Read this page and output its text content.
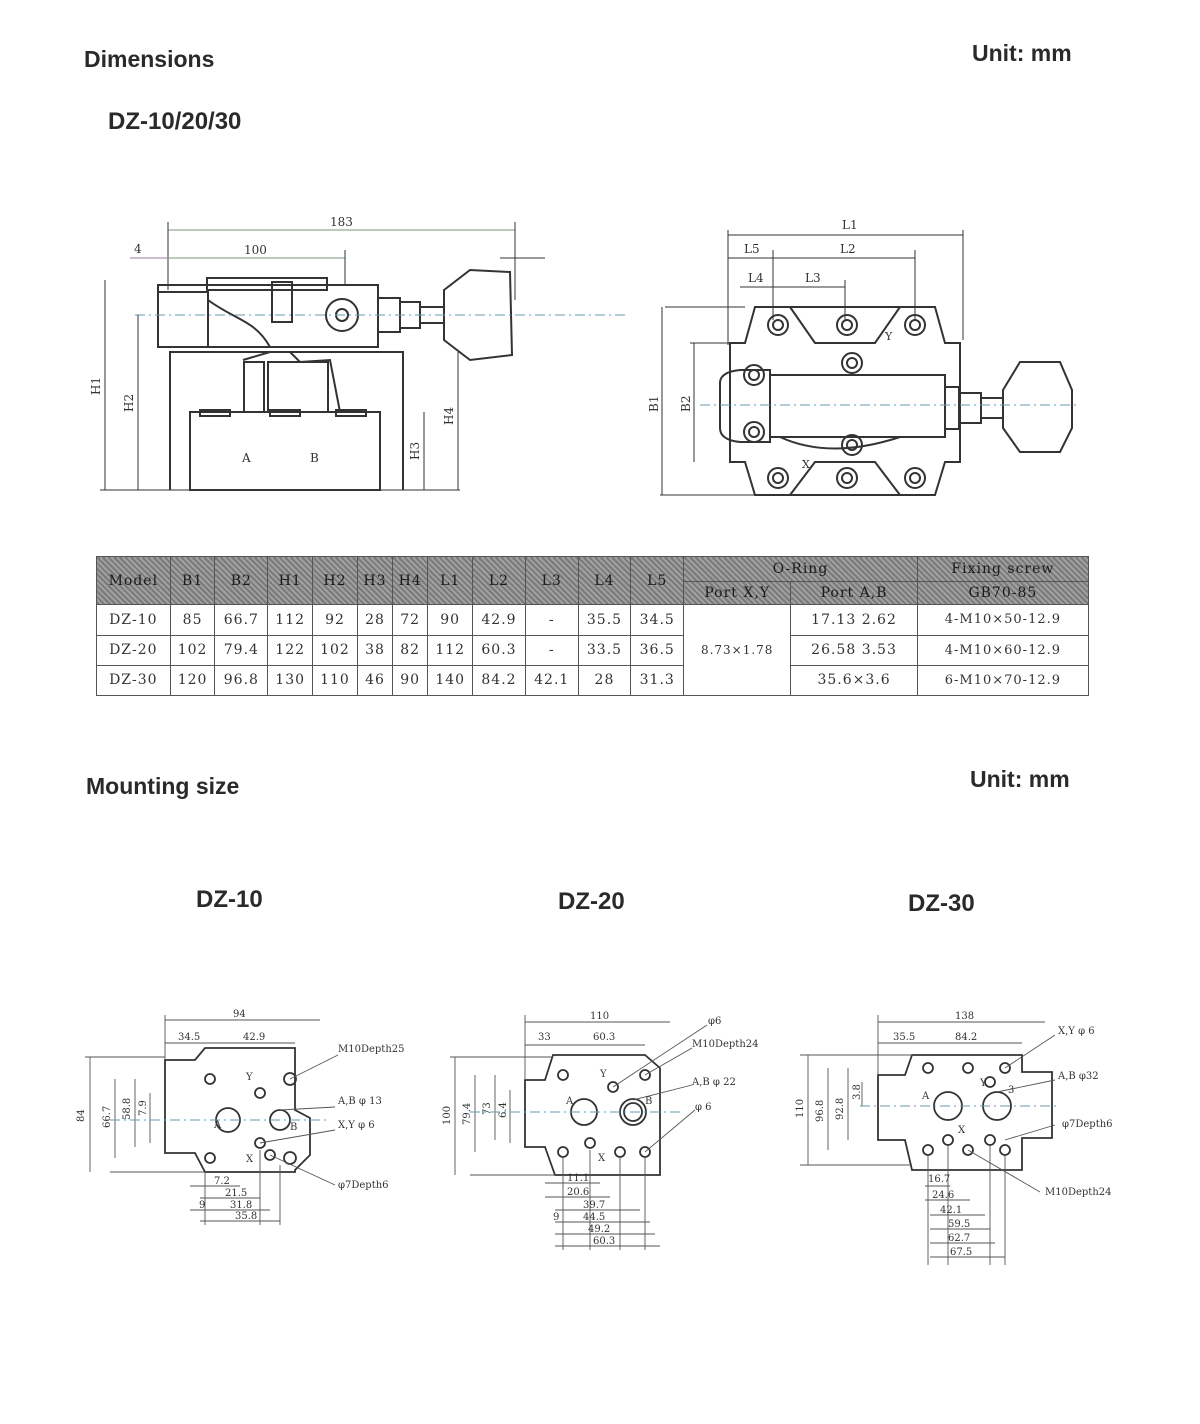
Dimensions	Unit: mm
DZ-10/20/30
183
4	100
H1
H2
H3
H4
A	B
L1
L5	L2
L4	L3
B1 B2
Y
X
Model	B1	B2	H1	H2	H3	H4	L1	L2	L3	L4	L5	O-Ring		Fixing screw
												Port X,Y	Port A,B	GB70-85
DZ-10	85	66.7	112	92	28	72	90	42.9	-	35.5	34.5	8.73×1.78	17.13 2.62	4-M10×50-12.9
DZ-20	102	79.4	122	102	38	82	112	60.3	-	33.5	36.5		26.58 3.53	4-M10×60-12.9
DZ-30	120	96.8	130	110	46	90	140	84.2	42.1	28	31.3		35.6×3.6	6-M10×70-12.9
Mounting size	Unit: mm
DZ-10	DZ-20	DZ-30
94
34.5	42.9
M10Depth25
A,B φ 13
X,Y φ 6
φ7Depth6
84 66.7 58.8 7.9
7.2
21.5
31.8
35.8
9
A	B
X
Y
110
33	60.3
φ6
M10Depth24
A,B φ 22
φ 6
100 79.4 73 6.4
11.1
20.6
39.7
44.5
49.2
60.3
9
A	B
X
Y
138
35.5	84.2
X,Y φ 6
A,B φ32
φ7Depth6
M10Depth24
110 96.8 92.8
3.8
16.7
24.6
42.1
59.5
62.7
67.5
A
3
X
Y
